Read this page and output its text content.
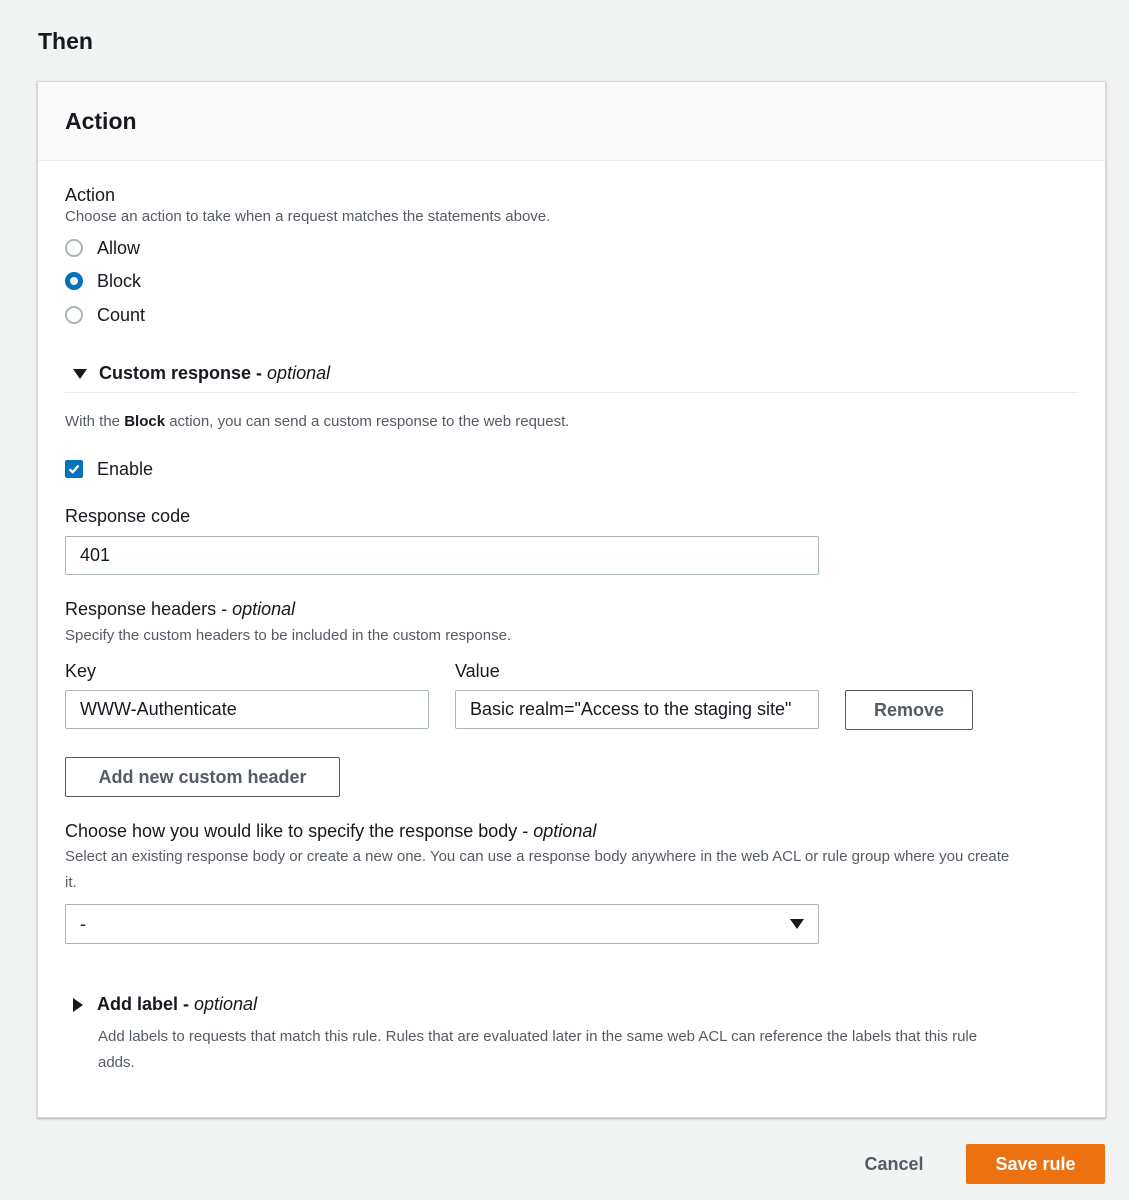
Then
Action
Action
Choose an action to take when a request matches the statements above.
Allow
Block
Count
Custom response - optional
With the Block action, you can send a custom response to the web request.
Enable
Response code
401
Response headers - optional
Specify the custom headers to be included in the custom response.
Key	Value
WWW-Authenticate	Basic realm="Access to the staging site"	Remove
Add new custom header
Choose how you would like to specify the response body - optional
Select an existing response body or create a new one. You can use a response body anywhere in the web ACL or rule group where you create
it.
-
Add label - optional
Add labels to requests that match this rule. Rules that are evaluated later in the same web ACL can reference the labels that this rule
adds.
Cancel	Save rule
